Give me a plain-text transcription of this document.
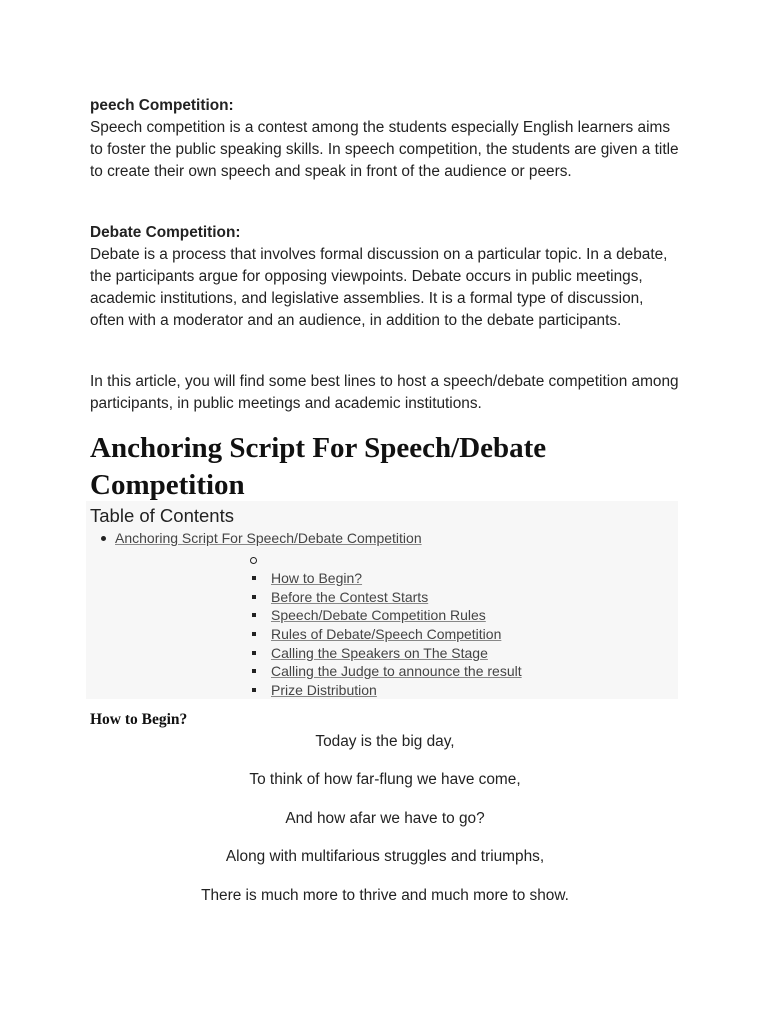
peech Competition:

Speech competition is a contest among the students especially English learners aims to foster the public speaking skills. In speech competition, the students are given a title to create their own speech and speak in front of the audience or peers.

Debate Competition:

Debate is a process that involves formal discussion on a particular topic. In a debate, the participants argue for opposing viewpoints. Debate occurs in public meetings, academic institutions, and legislative assemblies. It is a formal type of discussion, often with a moderator and an audience, in addition to the debate participants.

In this article, you will find some best lines to host a speech/debate competition among participants, in public meetings and academic institutions.

Anchoring Script For Speech/Debate Competition
Table of Contents
Anchoring Script For Speech/Debate Competition
How to Begin?
Before the Contest Starts
Speech/Debate Competition Rules
Rules of Debate/Speech Competition
Calling the Speakers on The Stage
Calling the Judge to announce the result
Prize Distribution
How to Begin?
Today is the big day,
To think of how far-flung we have come,
And how afar we have to go?
Along with multifarious struggles and triumphs,
There is much more to thrive and much more to show.
